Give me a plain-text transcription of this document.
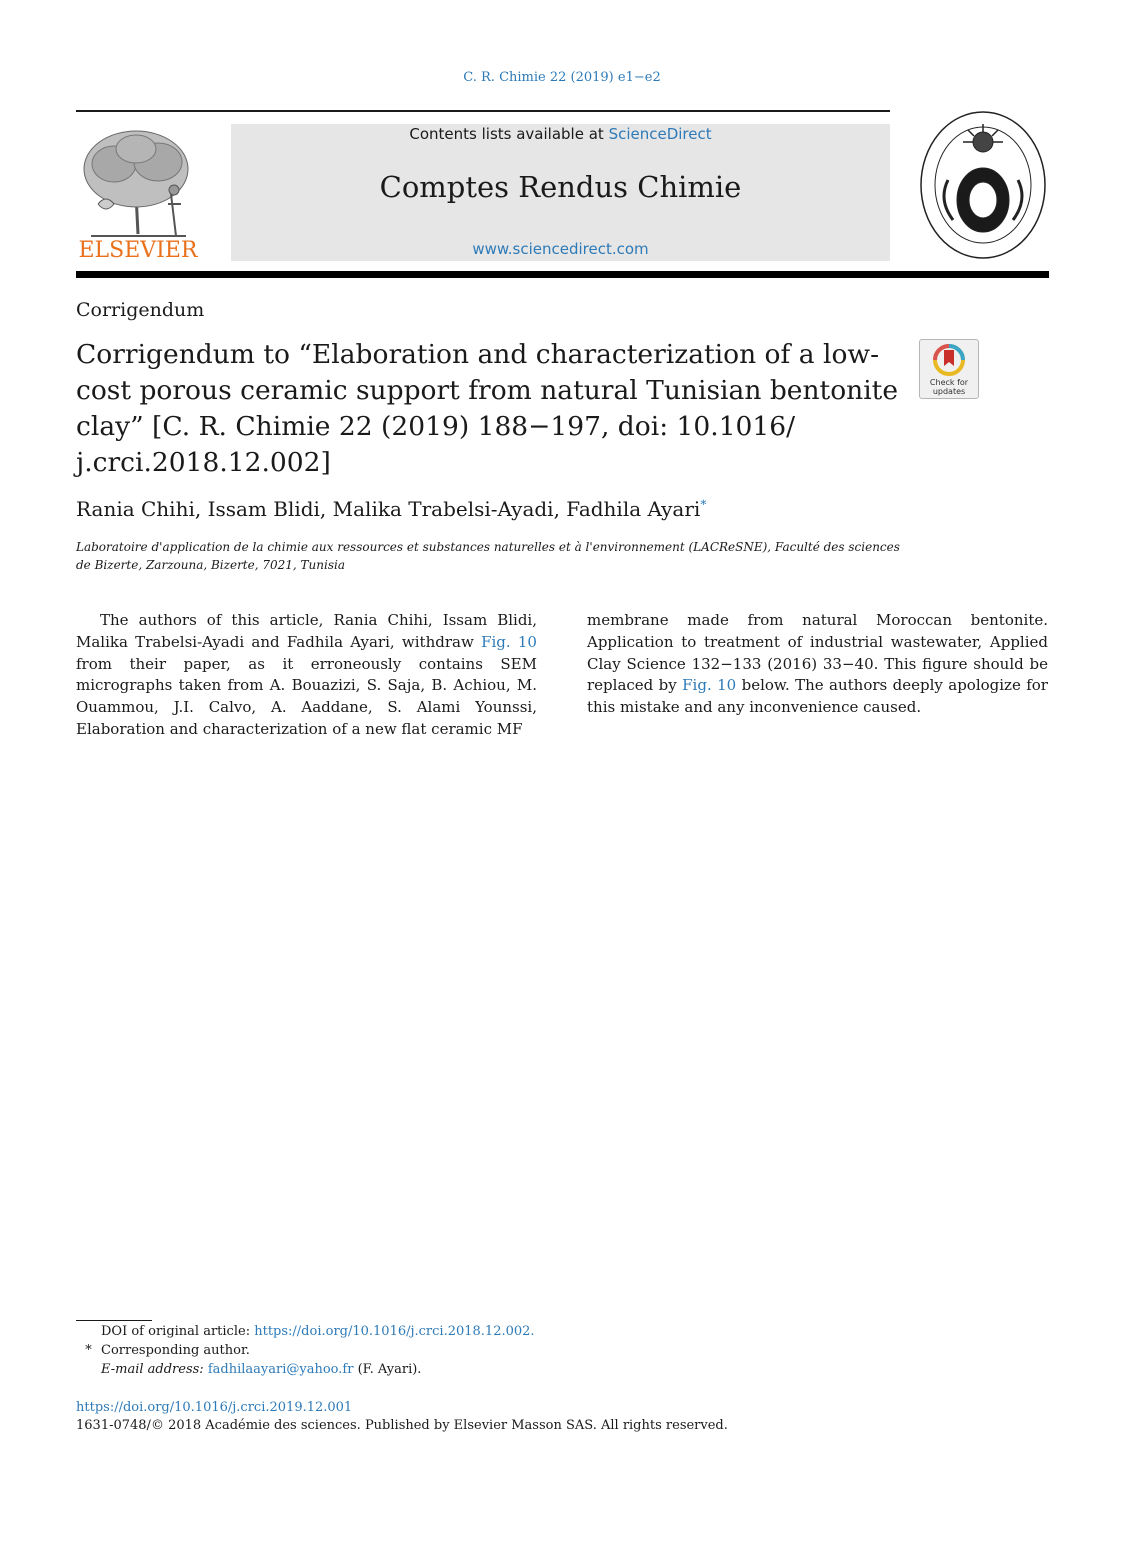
C. R. Chimie 22 (2019) e1−e2
ELSEVIER
Contents lists available at ScienceDirect
Comptes Rendus Chimie
www.sciencedirect.com
Corrigendum
Corrigendum to “Elaboration and characterization of a low-cost porous ceramic support from natural Tunisian bentonite clay” [C. R. Chimie 22 (2019) 188−197, doi: 10.1016/ j.crci.2018.12.002]
Check for
updates
Rania Chihi, Issam Blidi, Malika Trabelsi-Ayadi, Fadhila Ayari*
Laboratoire d'application de la chimie aux ressources et substances naturelles et à l'environnement (LACReSNE), Faculté des sciences de Bizerte, Zarzouna, Bizerte, 7021, Tunisia

The authors of this article, Rania Chihi, Issam Blidi, Malika Trabelsi-Ayadi and Fadhila Ayari, withdraw Fig. 10 from their paper, as it erroneously contains SEM micrographs taken from A. Bouazizi, S. Saja, B. Achiou, M. Ouammou, J.I. Calvo, A. Aaddane, S. Alami Younssi, Elaboration and characterization of a new flat ceramic MF

membrane made from natural Moroccan bentonite. Application to treatment of industrial wastewater, Applied Clay Science 132−133 (2016) 33−40. This figure should be replaced by Fig. 10 below. The authors deeply apologize for this mistake and any inconvenience caused.

DOI of original article: https://doi.org/10.1016/j.crci.2018.12.002.
* Corresponding author.
E-mail address: fadhilaayari@yahoo.fr (F. Ayari).
https://doi.org/10.1016/j.crci.2019.12.001
1631-0748/© 2018 Académie des sciences. Published by Elsevier Masson SAS. All rights reserved.
